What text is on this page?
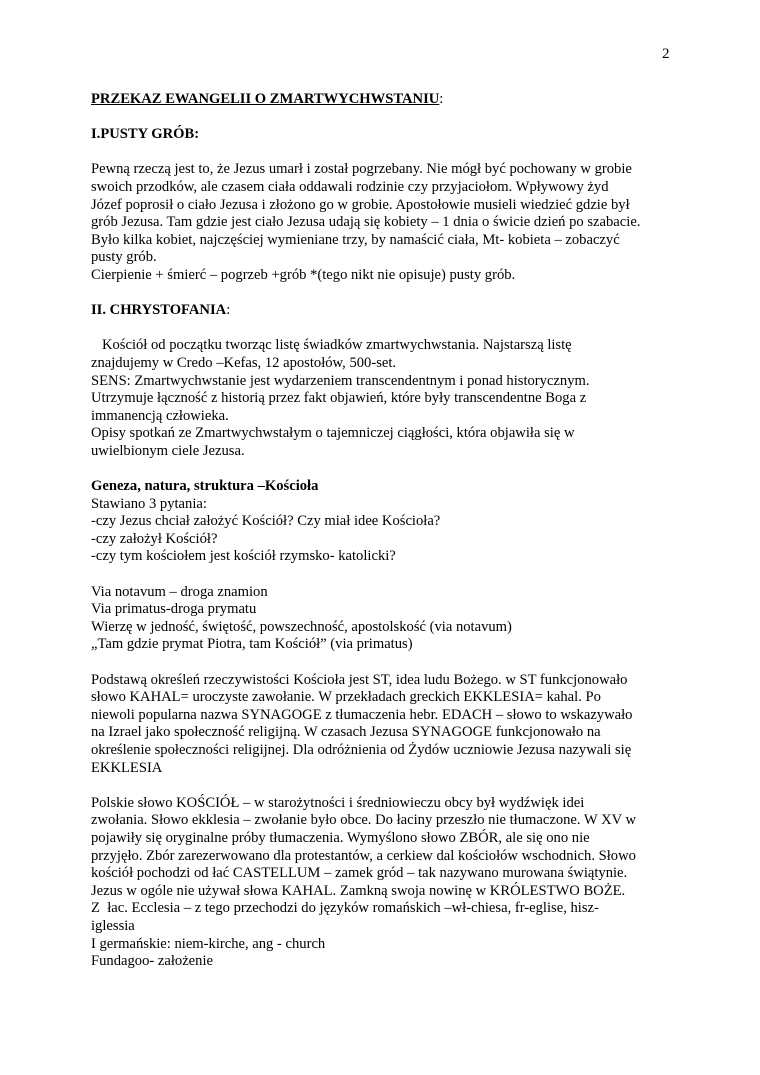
2

PRZEKAZ EWANGELII O ZMARTWYCHWSTANIU:

I.PUSTY GRÓB:

Pewną rzeczą jest to, że Jezus umarł i został pogrzebany. Nie mógł być pochowany w grobie

swoich przodków, ale czasem ciała oddawali rodzinie czy przyjaciołom. Wpływowy żyd

Józef poprosił o ciało Jezusa i złożono go w grobie. Apostołowie musieli wiedzieć gdzie był

grób Jezusa. Tam gdzie jest ciało Jezusa udają się kobiety – 1 dnia o świcie dzień po szabacie.

Było kilka kobiet, najczęściej wymieniane trzy, by namaścić ciała, Mt- kobieta – zobaczyć

pusty grób.

Cierpienie + śmierć – pogrzeb +grób *(tego nikt nie opisuje) pusty grób.

II. CHRYSTOFANIA:

Kościół od początku tworząc listę świadków zmartwychwstania. Najstarszą listę

znajdujemy w Credo –Kefas, 12 apostołów, 500-set.

SENS: Zmartwychwstanie jest wydarzeniem transcendentnym i ponad historycznym.

Utrzymuje łączność z historią przez fakt objawień, które były transcendentne Boga z

immanencją człowieka.

Opisy spotkań ze Zmartwychwstałym o tajemniczej ciągłości, która objawiła się w

uwielbionym ciele Jezusa.

Geneza, natura, struktura –Kościoła

Stawiano 3 pytania:

-czy Jezus chciał założyć Kościół? Czy miał idee Kościoła?

-czy założył Kościół?

-czy tym kościołem jest kościół rzymsko- katolicki?

Via notavum – droga znamion

Via primatus-droga prymatu

Wierzę w jedność, świętość, powszechność, apostolskość (via notavum)

„Tam gdzie prymat Piotra, tam Kościół” (via primatus)

Podstawą określeń rzeczywistości Kościoła jest ST, idea ludu Bożego. w ST funkcjonowało

słowo KAHAL= uroczyste zawołanie. W przekładach greckich EKKLESIA= kahal. Po

niewoli popularna nazwa SYNAGOGE z tłumaczenia hebr. EDACH – słowo to wskazywało

na Izrael jako społeczność religijną. W czasach Jezusa SYNAGOGE funkcjonowało na

określenie społeczności religijnej. Dla odróżnienia od Żydów uczniowie Jezusa nazywali się

EKKLESIA

Polskie słowo KOŚCIÓŁ – w starożytności i średniowieczu obcy był wydźwięk idei

zwołania. Słowo ekklesia – zwołanie było obce. Do łaciny przeszło nie tłumaczone. W XV w

pojawiły się oryginalne próby tłumaczenia. Wymyślono słowo ZBÓR, ale się ono nie

przyjęło. Zbór zarezerwowano dla protestantów, a cerkiew dal kościołów wschodnich. Słowo

kościół pochodzi od łać CASTELLUM – zamek gród – tak nazywano murowana świątynie.

Jezus w ogóle nie używał słowa KAHAL. Zamkną swoja nowinę w KRÓLESTWO BOŻE.

Z  łac. Ecclesia – z tego przechodzi do języków romańskich –wł-chiesa, fr-eglise, hisz-

iglessia

I germańskie: niem-kirche, ang - church

Fundagoo- założenie
